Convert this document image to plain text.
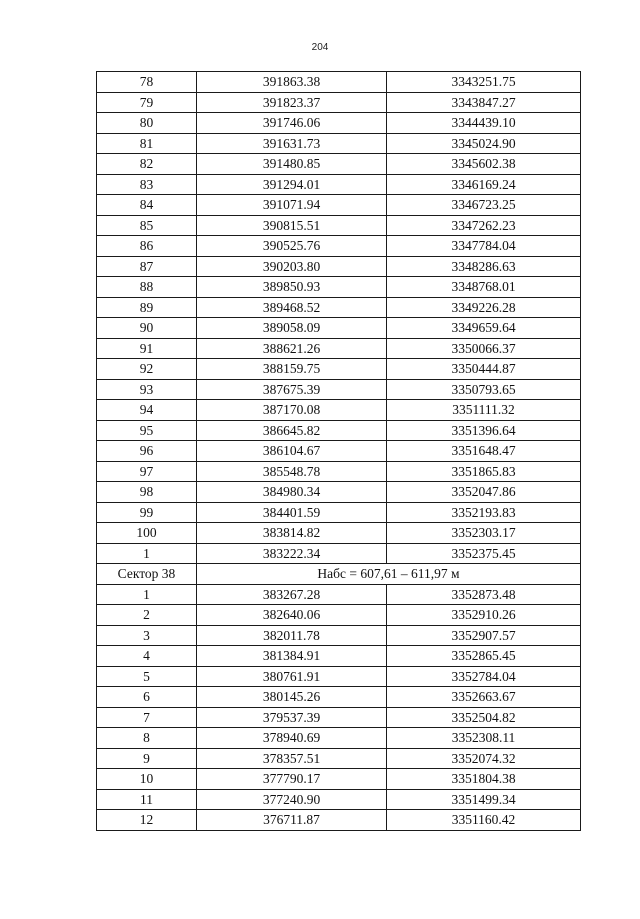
204
78	391863.38	3343251.75
79	391823.37	3343847.27
80	391746.06	3344439.10
81	391631.73	3345024.90
82	391480.85	3345602.38
83	391294.01	3346169.24
84	391071.94	3346723.25
85	390815.51	3347262.23
86	390525.76	3347784.04
87	390203.80	3348286.63
88	389850.93	3348768.01
89	389468.52	3349226.28
90	389058.09	3349659.64
91	388621.26	3350066.37
92	388159.75	3350444.87
93	387675.39	3350793.65
94	387170.08	3351111.32
95	386645.82	3351396.64
96	386104.67	3351648.47
97	385548.78	3351865.83
98	384980.34	3352047.86
99	384401.59	3352193.83
100	383814.82	3352303.17
1	383222.34	3352375.45
Сектор 38	Набс = 607,61 – 611,97 м	
1	383267.28	3352873.48
2	382640.06	3352910.26
3	382011.78	3352907.57
4	381384.91	3352865.45
5	380761.91	3352784.04
6	380145.26	3352663.67
7	379537.39	3352504.82
8	378940.69	3352308.11
9	378357.51	3352074.32
10	377790.17	3351804.38
11	377240.90	3351499.34
12	376711.87	3351160.42
